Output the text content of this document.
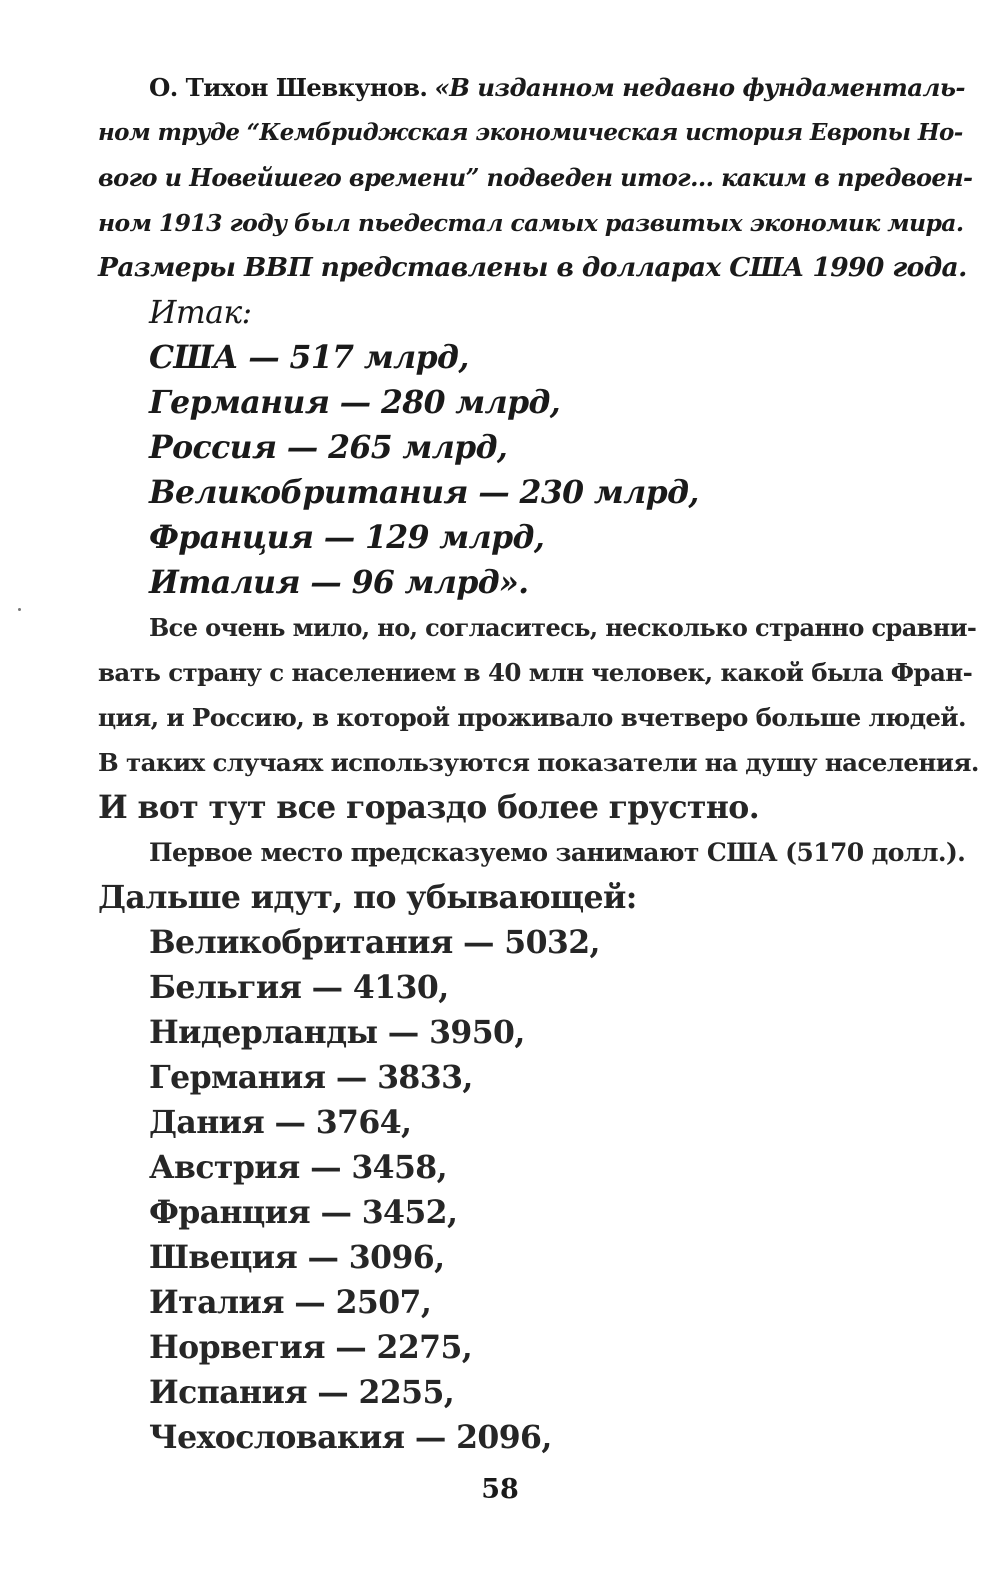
О. Тихон Шевкунов. «В изданном недавно фундаменталь-
ном труде “Кембриджская экономическая история Европы Но-
вого и Новейшего времени” подведен итог... каким в предвоен-
ном 1913 году был пьедестал самых развитых экономик мира.
Размеры ВВП представлены в долларах США 1990 года.
Итак:
США — 517 млрд,
Германия — 280 млрд,
Россия — 265 млрд,
Великобритания — 230 млрд,
Франция — 129 млрд,
Италия — 96 млрд».
Все очень мило, но, согласитесь, несколько странно сравни-
вать страну с населением в 40 млн человек, какой была Фран-
ция, и Россию, в которой проживало вчетверо больше людей.
В таких случаях используются показатели на душу населения.
И вот тут все гораздо более грустно.
Первое место предсказуемо занимают США (5170 долл.).
Дальше идут, по убывающей:
Великобритания — 5032,
Бельгия — 4130,
Нидерланды — 3950,
Германия — 3833,
Дания — 3764,
Австрия — 3458,
Франция — 3452,
Швеция — 3096,
Италия — 2507,
Норвегия — 2275,
Испания — 2255,
Чехословакия — 2096,
58
